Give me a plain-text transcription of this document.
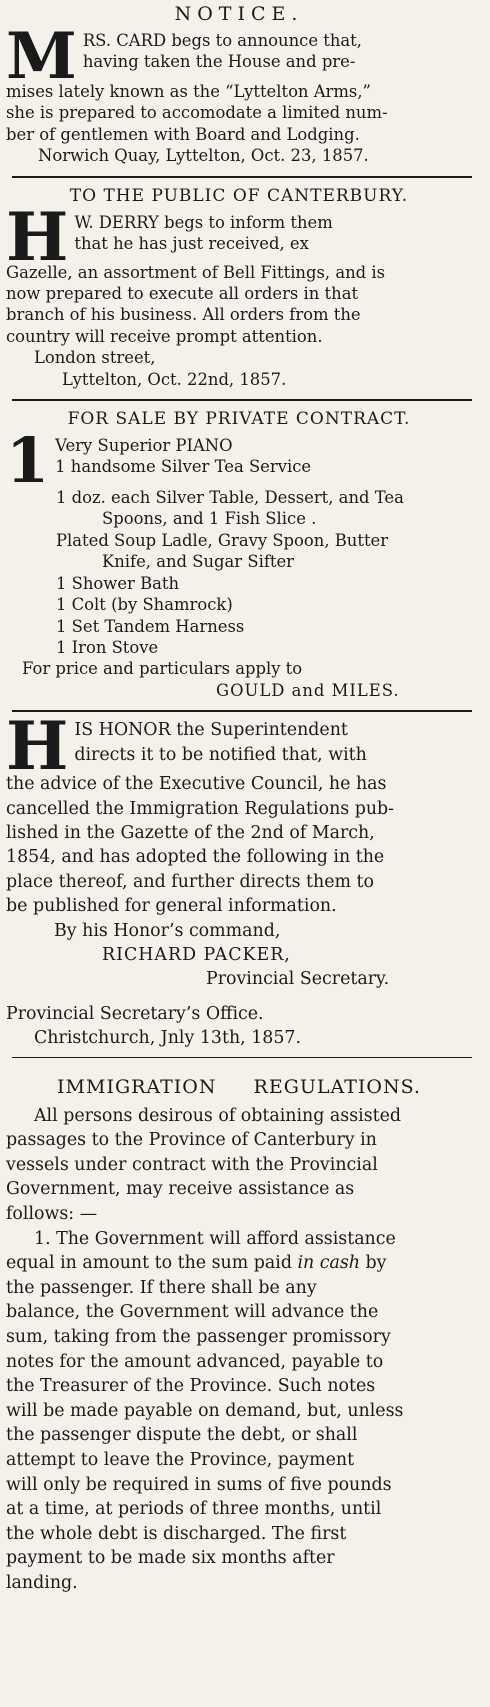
NOTICE.

M RS. CARD begs to announce that,

having taken the House and pre-

mises lately known as the “Lyttelton Arms,”

she is prepared to accomodate a limited num-

ber of gentlemen with Board and Lodging.

Norwich Quay, Lyttelton, Oct. 23, 1857.

TO THE PUBLIC OF CANTERBURY.

H W. DERRY begs to inform them

that he has just received, ex

Gazelle, an assortment of Bell Fittings, and is

now prepared to execute all orders in that

branch of his business. All orders from the

country will receive prompt attention.

London street,

Lyttelton, Oct. 22nd, 1857.

FOR SALE BY PRIVATE CONTRACT.

1 Very Superior PIANO

1 handsome Silver Tea Service

1 doz. each Silver Table, Dessert, and Tea

Spoons, and 1 Fish Slice .

Plated Soup Ladle, Gravy Spoon, Butter

Knife, and Sugar Sifter

1 Shower Bath

1 Colt (by Shamrock)

1 Set Tandem Harness

1 Iron Stove

For price and particulars apply to

GOULD and MILES.

H IS HONOR the Superintendent

directs it to be notified that, with

the advice of the Executive Council, he has

cancelled the Immigration Regulations pub-

lished in the Gazette of the 2nd of March,

1854, and has adopted the following in the

place thereof, and further directs them to

be published for general information.

By his Honor’s command,

RICHARD PACKER,

Provincial Secretary.

Provincial Secretary’s Office.

Christchurch, Jnly 13th, 1857.

IMMIGRATION REGULATIONS.

All persons desirous of obtaining assisted

passages to the Province of Canterbury in

vessels under contract with the Provincial

Government, may receive assistance as

follows: —

1. The Government will afford assistance

equal in amount to the sum paid in cash by

the passenger. If there shall be any

balance, the Government will advance the

sum, taking from the passenger promissory

notes for the amount advanced, payable to

the Treasurer of the Province. Such notes

will be made payable on demand, but, unless

the passenger dispute the debt, or shall

attempt to leave the Province, payment

will only be required in sums of five pounds

at a time, at periods of three months, until

the whole debt is discharged. The first

payment to be made six months after

landing.
